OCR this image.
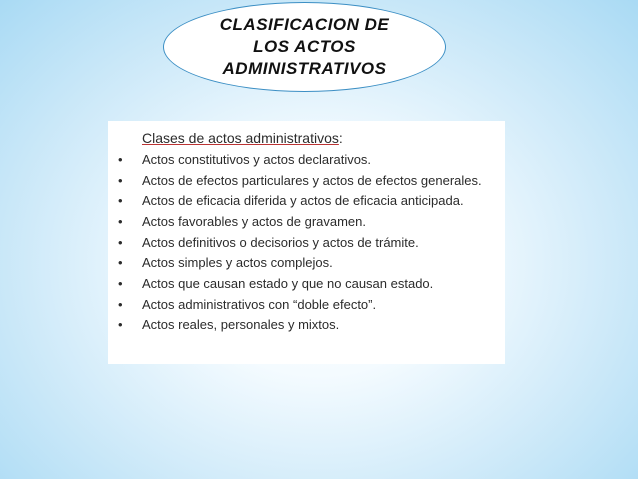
CLASIFICACION DE
LOS ACTOS
ADMINISTRATIVOS
Clases de actos administrativos:
•	Actos constitutivos y actos declarativos.
•	Actos de efectos particulares y actos de efectos generales.
•	Actos de eficacia diferida y actos de eficacia anticipada.
•	Actos favorables y actos de gravamen.
•	Actos definitivos o decisorios y actos de trámite.
•	Actos simples y actos complejos.
•	Actos que causan estado y que no causan estado.
•	Actos administrativos con “doble efecto”.
•	Actos reales, personales y mixtos.
